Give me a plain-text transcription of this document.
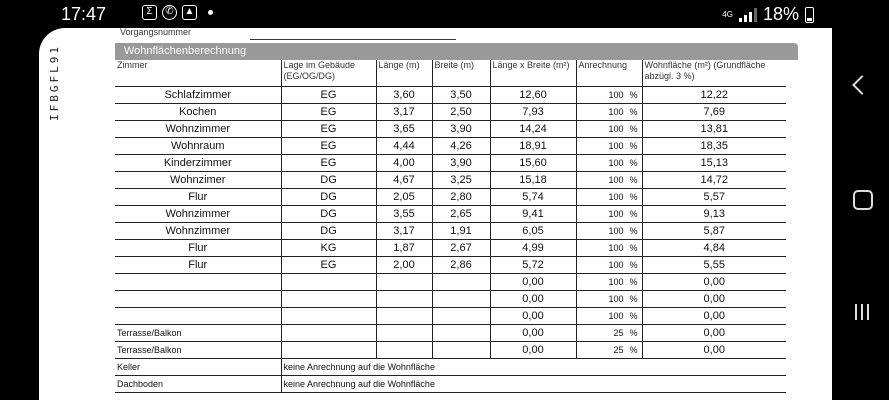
17:47	Σ	✆	▲	4G 18%
IFBGFL91
Vorgangsnummer
Wohnflächenberechnung
Zimmer	Lage im Gebäude (EG/OG/DG)	Länge (m)	Breite (m)	Länge x Breite (m²)	Anrechnung	Wohnfläche (m²) (Grundfläche abzügl. 3 %)
Schlafzimmer	EG	3,60	3,50	12,60	100 %	12,22
Kochen	EG	3,17	2,50	7,93	100 %	7,69
Wohnzimmer	EG	3,65	3,90	14,24	100 %	13,81
Wohnraum	EG	4,44	4,26	18,91	100 %	18,35
Kinderzimmer	EG	4,00	3,90	15,60	100 %	15,13
Wohnzimer	DG	4,67	3,25	15,18	100 %	14,72
Flur	DG	2,05	2,80	5,74	100 %	5,57
Wohnzimmer	DG	3,55	2,65	9,41	100 %	9,13
Wohnzimmer	DG	3,17	1,91	6,05	100 %	5,87
Flur	KG	1,87	2,67	4,99	100 %	4,84
Flur	EG	2,00	2,86	5,72	100 %	5,55
				0,00	100 %	0,00
				0,00	100 %	0,00
				0,00	100 %	0,00
Terrasse/Balkon				0,00	25 %	0,00
Terrasse/Balkon				0,00	25 %	0,00
Keller	keine Anrechnung auf die Wohnfläche					
Dachboden	keine Anrechnung auf die Wohnfläche					
